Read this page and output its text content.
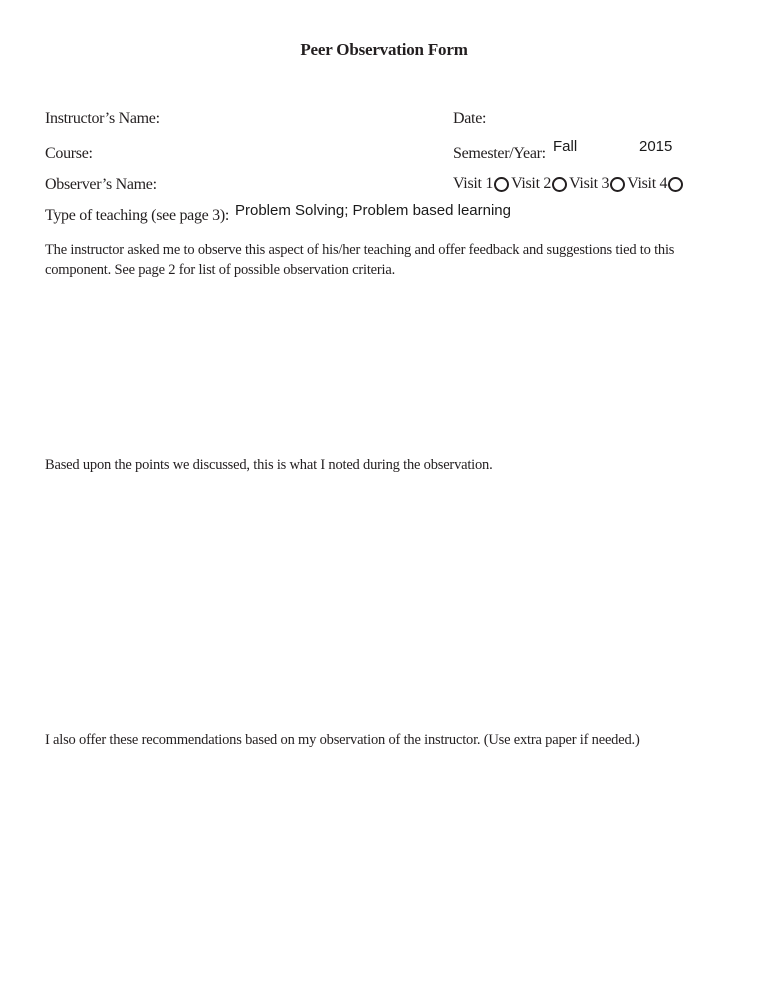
Peer Observation Form
Instructor’s Name:	Date:
Course:	Semester/Year: Fall	2015
Observer’s Name:	Visit 1 Visit 2 Visit 3 Visit 4
Type of teaching (see page 3): Problem Solving; Problem based learning
The instructor asked me to observe this aspect of his/her teaching and offer feedback and suggestions tied to this component. See page 2 for list of possible observation criteria.
Based upon the points we discussed, this is what I noted during the observation.
I also offer these recommendations based on my observation of the instructor. (Use extra paper if needed.)
